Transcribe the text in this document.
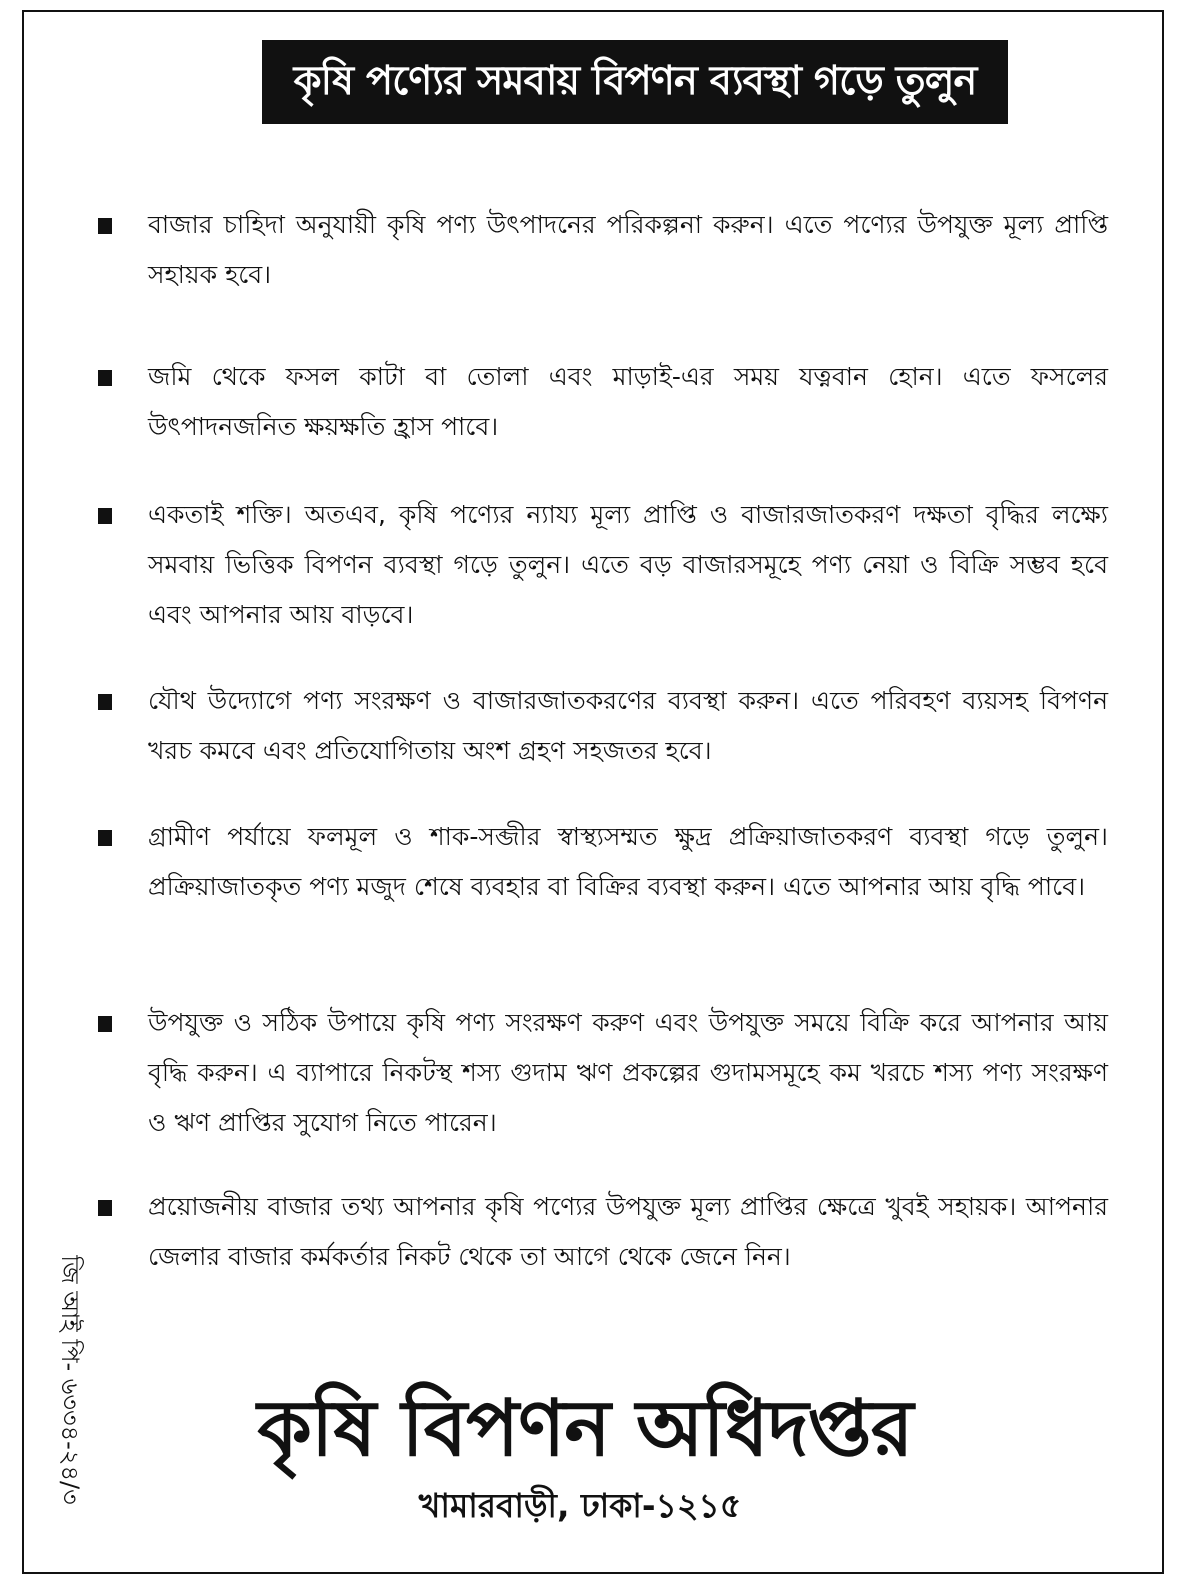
কৃষি পণ্যের সমবায় বিপণন ব্যবস্থা গড়ে তুলুন
বাজার চাহিদা অনুযায়ী কৃষি পণ্য উৎপাদনের পরিকল্পনা করুন। এতে পণ্যের উপযুক্ত মূল্য প্রাপ্তি সহায়ক হবে।
জমি থেকে ফসল কাটা বা তোলা এবং মাড়াই-এর সময় যত্নবান হোন। এতে ফসলের উৎপাদনজনিত ক্ষয়ক্ষতি হ্রাস পাবে।
একতাই শক্তি। অতএব, কৃষি পণ্যের ন্যায্য মূল্য প্রাপ্তি ও বাজারজাতকরণ দক্ষতা বৃদ্ধির লক্ষ্যে সমবায় ভিত্তিক বিপণন ব্যবস্থা গড়ে তুলুন। এতে বড় বাজারসমূহে পণ্য নেয়া ও বিক্রি সম্ভব হবে এবং আপনার আয় বাড়বে।
যৌথ উদ্যোগে পণ্য সংরক্ষণ ও বাজারজাতকরণের ব্যবস্থা করুন। এতে পরিবহণ ব্যয়সহ বিপণন খরচ কমবে এবং প্রতিযোগিতায় অংশ গ্রহণ সহজতর হবে।
গ্রামীণ পর্যায়ে ফলমূল ও শাক-সব্জীর স্বাস্থ্যসম্মত ক্ষুদ্র প্রক্রিয়াজাতকরণ ব্যবস্থা গড়ে তুলুন। প্রক্রিয়াজাতকৃত পণ্য মজুদ শেষে ব্যবহার বা বিক্রির ব্যবস্থা করুন। এতে আপনার আয় বৃদ্ধি পাবে।
উপযুক্ত ও সঠিক উপায়ে কৃষি পণ্য সংরক্ষণ করুণ এবং উপযুক্ত সময়ে বিক্রি করে আপনার আয় বৃদ্ধি করুন। এ ব্যাপারে নিকটস্থ শস্য গুদাম ঋণ প্রকল্পের গুদামসমূহে কম খরচে শস্য পণ্য সংরক্ষণ ও ঋণ প্রাপ্তির সুযোগ নিতে পারেন।
প্রয়োজনীয় বাজার তথ্য আপনার কৃষি পণ্যের উপযুক্ত মূল্য প্রাপ্তির ক্ষেত্রে খুবই সহায়ক। আপনার জেলার বাজার কর্মকর্তার নিকট থেকে তা আগে থেকে জেনে নিন।
কৃষি বিপণন অধিদপ্তর
খামারবাড়ী, ঢাকা-১২১৫
জি আই পি- ৬৩৩৪-২৪/৩
